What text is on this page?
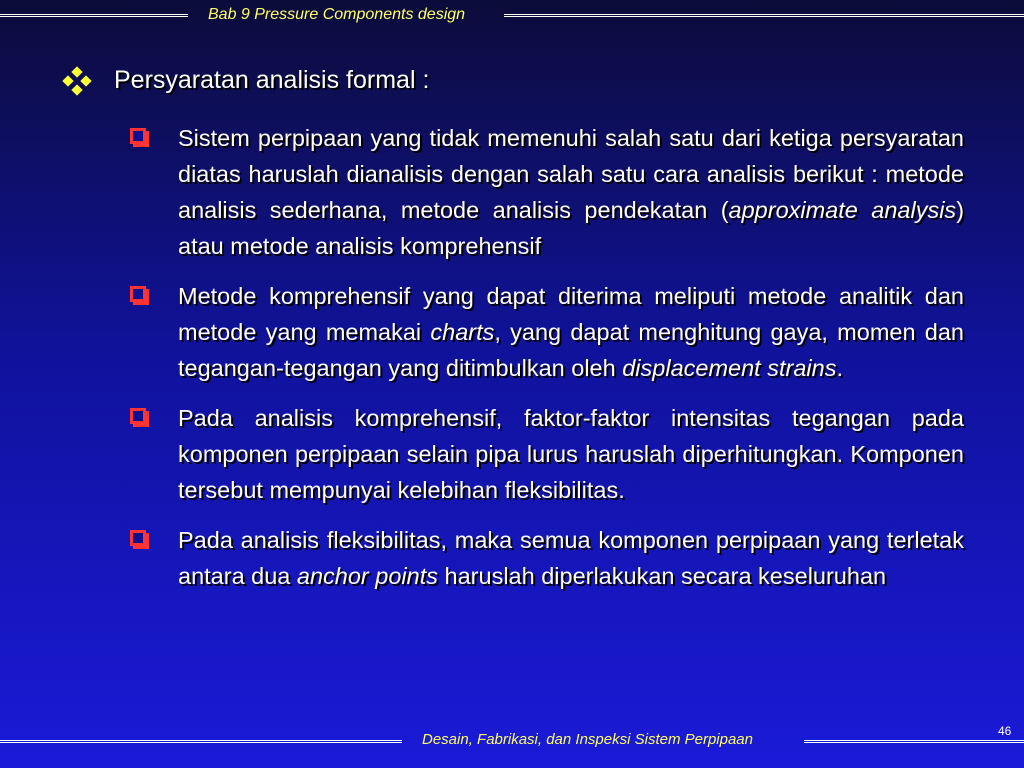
Bab 9 Pressure Components design
Persyaratan analisis formal :
Sistem perpipaan yang tidak memenuhi salah satu dari ketiga persyaratan diatas haruslah dianalisis dengan salah satu cara analisis berikut : metode analisis sederhana, metode analisis pendekatan (approximate analysis) atau metode analisis komprehensif
Metode komprehensif yang dapat diterima meliputi metode analitik dan metode yang memakai charts, yang dapat menghitung gaya, momen dan tegangan-tegangan yang ditimbulkan oleh displacement strains.
Pada analisis komprehensif, faktor-faktor intensitas tegangan pada komponen perpipaan selain pipa lurus haruslah diperhitungkan. Komponen tersebut mempunyai kelebihan fleksibilitas.
Pada analisis fleksibilitas, maka semua komponen perpipaan yang terletak antara dua anchor points haruslah diperlakukan secara keseluruhan
Desain, Fabrikasi, dan Inspeksi Sistem Perpipaan	46
